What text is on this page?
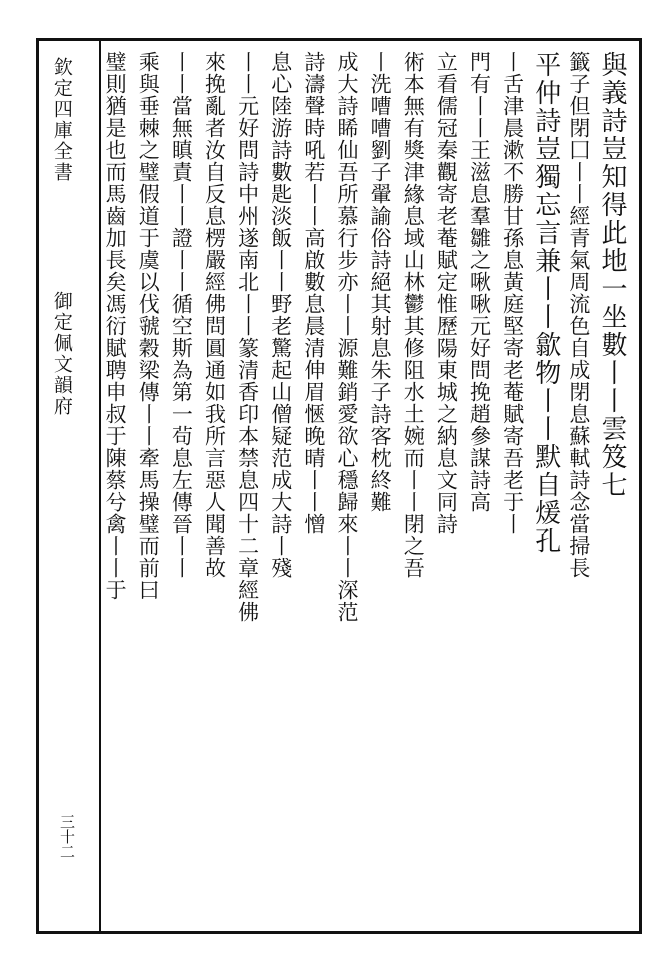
欽定四庫全書
御定佩文韻府
三十二
與義詩豈知得此地一坐數丨丨雲笈七
籤子但閉囗丨丨經青氣周流色自成閉息蘇軾詩念當掃長
平仲詩豈獨忘言兼丨丨歙物丨丨默自煖孔
丨舌津晨漱不勝甘孫息黃庭堅寄老菴賦寄吾老于丨
門有丨丨王滋息羣雛之啾啾元好問挽趙參謀詩高
立看儒冠秦觀寄老菴賦定惟歷陽東城之納息文同詩
術本無有獎津緣息域山林鬱其修阻水土婉而丨丨閉之吾
丨洗嘈嘈劉子翬諭俗詩絕其射息朱子詩客枕終難
成大詩睎仙吾所慕行步亦丨丨源難銷愛欲心穩歸來丨丨深范
詩濤聲時吼若丨丨高啟數息晨清伸眉愜晚晴丨丨憎
息心陸游詩數匙淡飯丨丨野老驚起山僧疑范成大詩丨殘
丨丨元好問詩中州遂南北丨丨篆清香印本禁息四十二章經佛
來挽亂者汝自反息楞嚴經佛問圓通如我所言惡人聞善故
丨丨當無瞋責丨丨證丨丨循空斯為第一茍息左傳晉丨丨
乘與垂棘之璧假道于虞以伐虢穀梁傳丨丨牽馬操璧而前曰
璧則猶是也而馬齒加長矣馮衍賦聘申叔于陳蔡兮禽丨丨于
